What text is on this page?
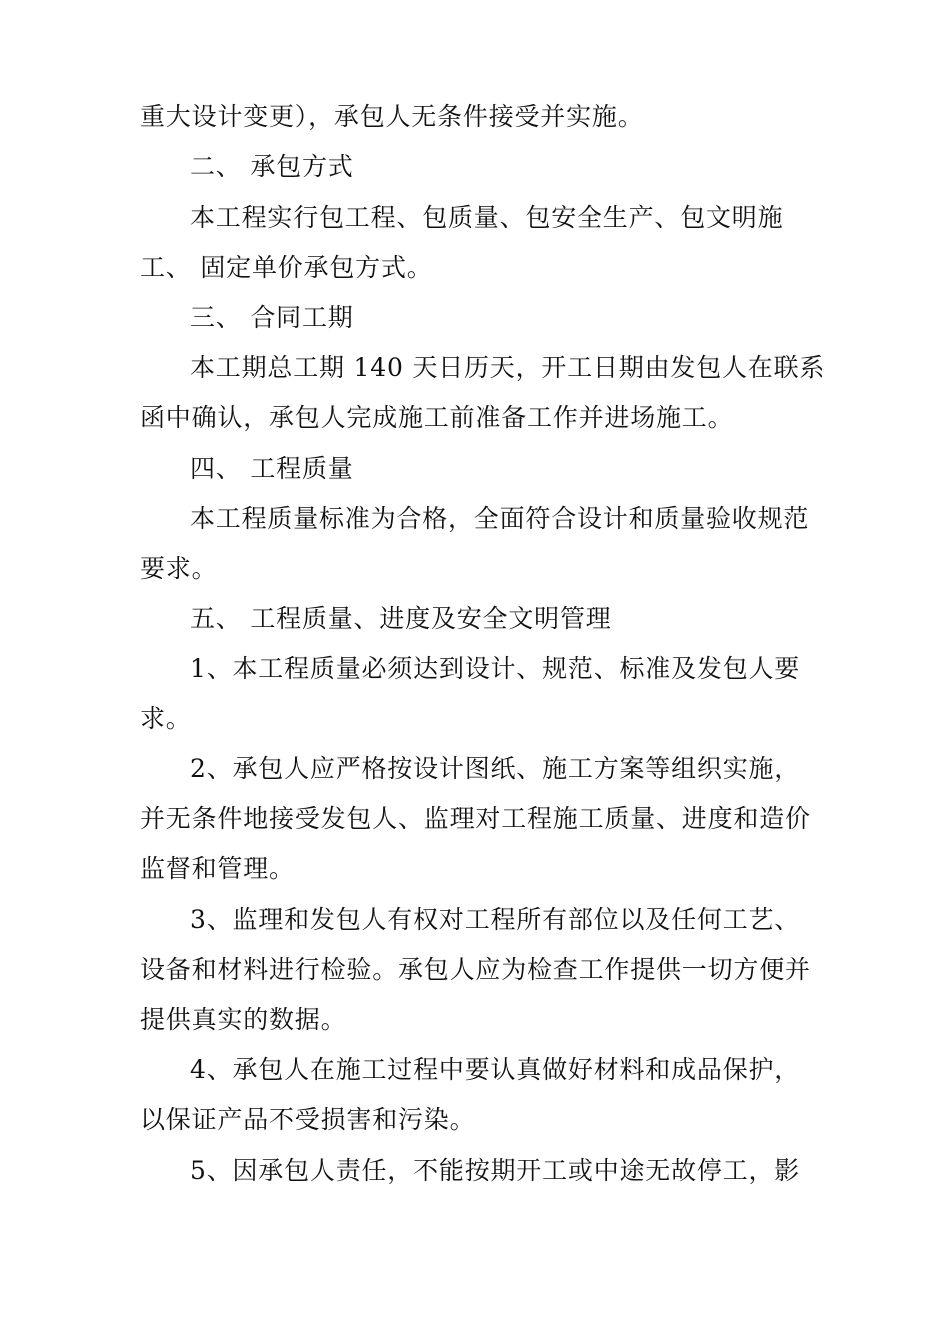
重大设计变更），承包人无条件接受并实施。
二、 承包方式
本工程实行包工程、包质量、包安全生产、包文明施
工、 固定单价承包方式。
三、 合同工期
本工期总工期 140 天日历天，开工日期由发包人在联系
函中确认，承包人完成施工前准备工作并进场施工。
四、 工程质量
本工程质量标准为合格，全面符合设计和质量验收规范
要求。
五、 工程质量、进度及安全文明管理
1、本工程质量必须达到设计、规范、标准及发包人要
求。
2、承包人应严格按设计图纸、施工方案等组织实施，
并无条件地接受发包人、监理对工程施工质量、进度和造价
监督和管理。
3、监理和发包人有权对工程所有部位以及任何工艺、
设备和材料进行检验。承包人应为检查工作提供一切方便并
提供真实的数据。
4、承包人在施工过程中要认真做好材料和成品保护，
以保证产品不受损害和污染。
5、因承包人责任，不能按期开工或中途无故停工，影
